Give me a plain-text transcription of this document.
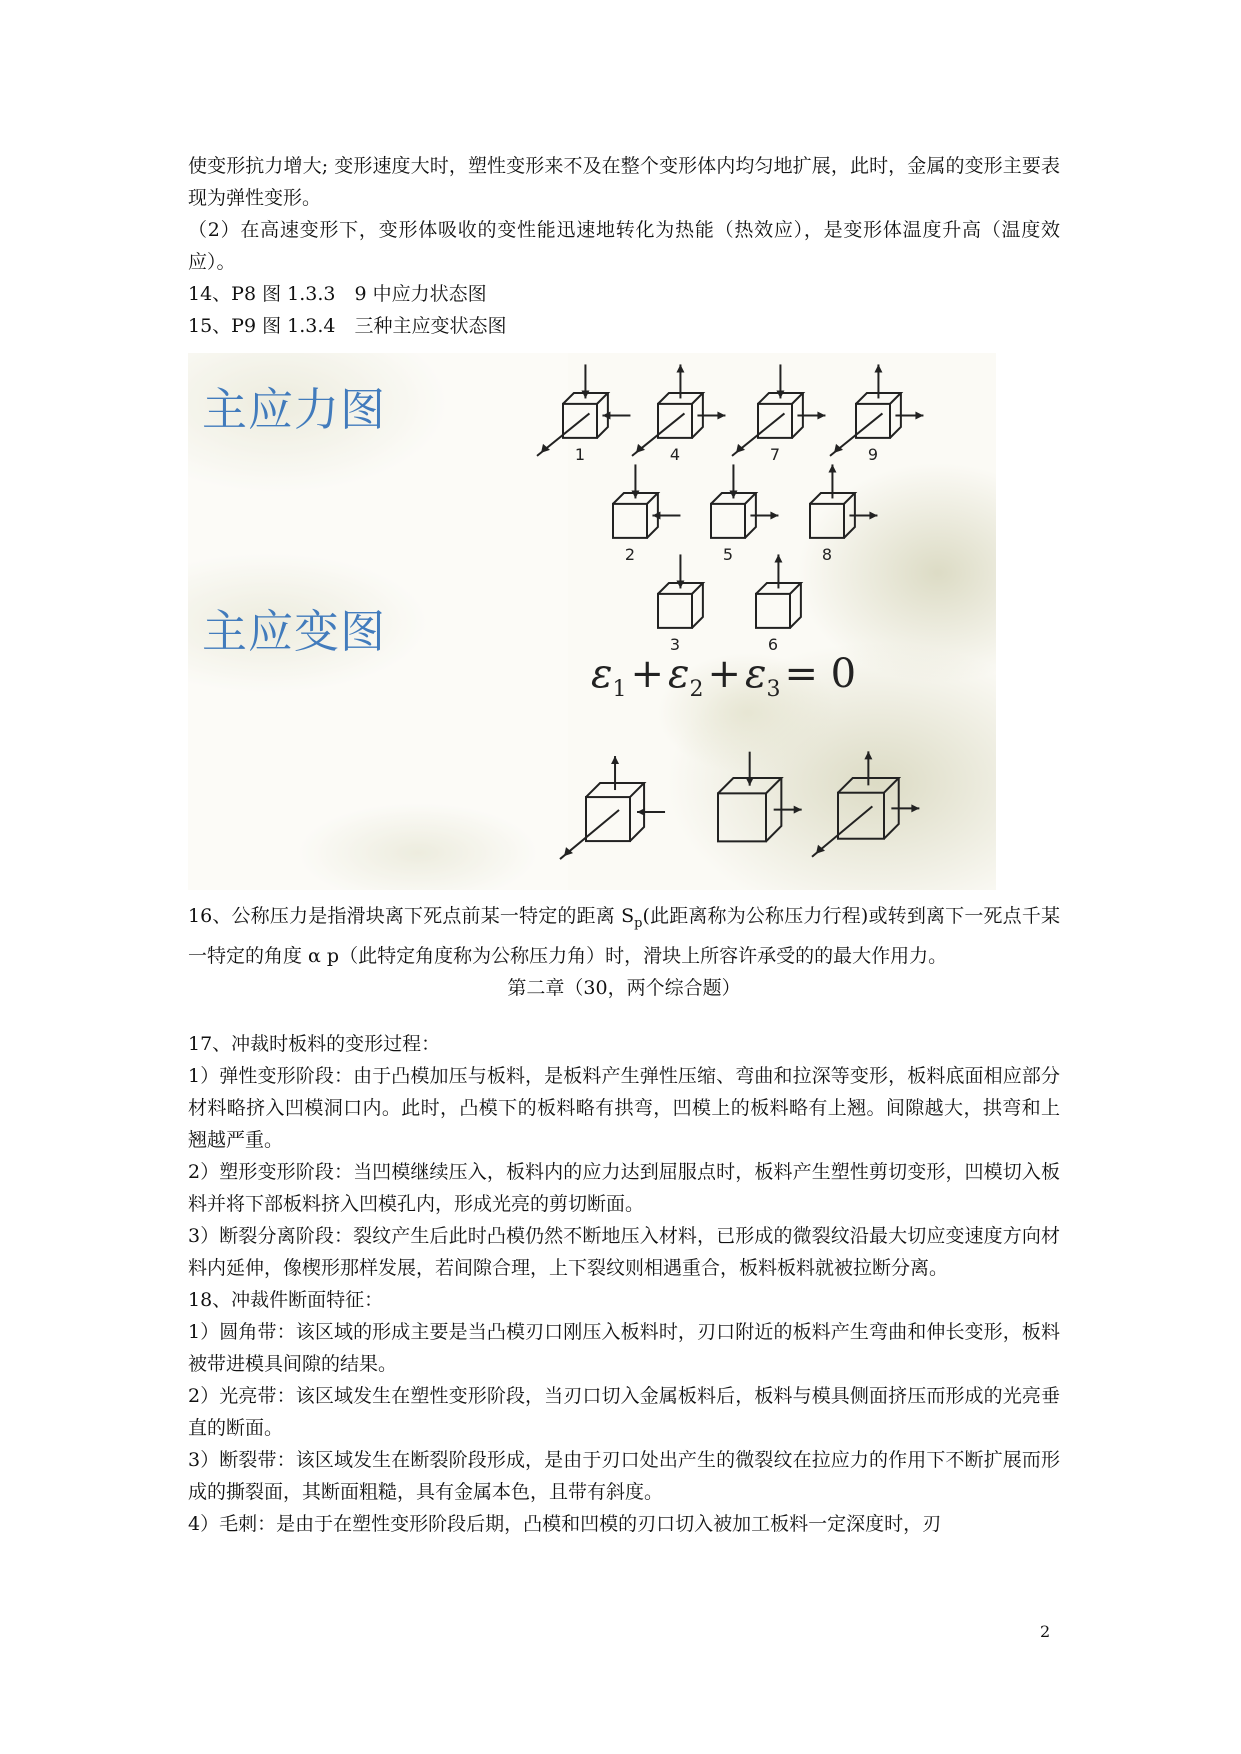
使变形抗力增大; 变形速度大时，塑性变形来不及在整个变形体内均匀地扩展，此时，金属的变形主要表现为弹性变形。

（2）在高速变形下，变形体吸收的变性能迅速地转化为热能（热效应），是变形体温度升高（温度效应）。

14、P8 图 1.3.3　9 中应力状态图

15、P9 图 1.3.4　三种主应变状态图

1	4	7	9
2	5	8
3	6
主应力图
主应变图
$\varepsilon_1 + \varepsilon_2 + \varepsilon_3 = 0$

16、公称压力是指滑块离下死点前某一特定的距离 $S_p$(此距离称为公称压力行程)或转到离下一死点千某一特定的角度 α p（此特定角度称为公称压力角）时，滑块上所容许承受的的最大作用力。

第二章（30，两个综合题）

17、冲裁时板料的变形过程：

1）弹性变形阶段：由于凸模加压与板料，是板料产生弹性压缩、弯曲和拉深等变形，板料底面相应部分材料略挤入凹模洞口内。此时，凸模下的板料略有拱弯，凹模上的板料略有上翘。间隙越大，拱弯和上翘越严重。

2）塑形变形阶段：当凹模继续压入，板料内的应力达到屈服点时，板料产生塑性剪切变形，凹模切入板料并将下部板料挤入凹模孔内，形成光亮的剪切断面。

3）断裂分离阶段：裂纹产生后此时凸模仍然不断地压入材料，已形成的微裂纹沿最大切应变速度方向材料内延伸，像楔形那样发展，若间隙合理，上下裂纹则相遇重合，板料板料就被拉断分离。

18、冲裁件断面特征：

1）圆角带：该区域的形成主要是当凸模刃口刚压入板料时，刃口附近的板料产生弯曲和伸长变形，板料被带进模具间隙的结果。

2）光亮带：该区域发生在塑性变形阶段，当刃口切入金属板料后，板料与模具侧面挤压而形成的光亮垂直的断面。

3）断裂带：该区域发生在断裂阶段形成，是由于刃口处出产生的微裂纹在拉应力的作用下不断扩展而形成的撕裂面，其断面粗糙，具有金属本色，且带有斜度。

4）毛刺：是由于在塑性变形阶段后期，凸模和凹模的刃口切入被加工板料一定深度时，刃

2
